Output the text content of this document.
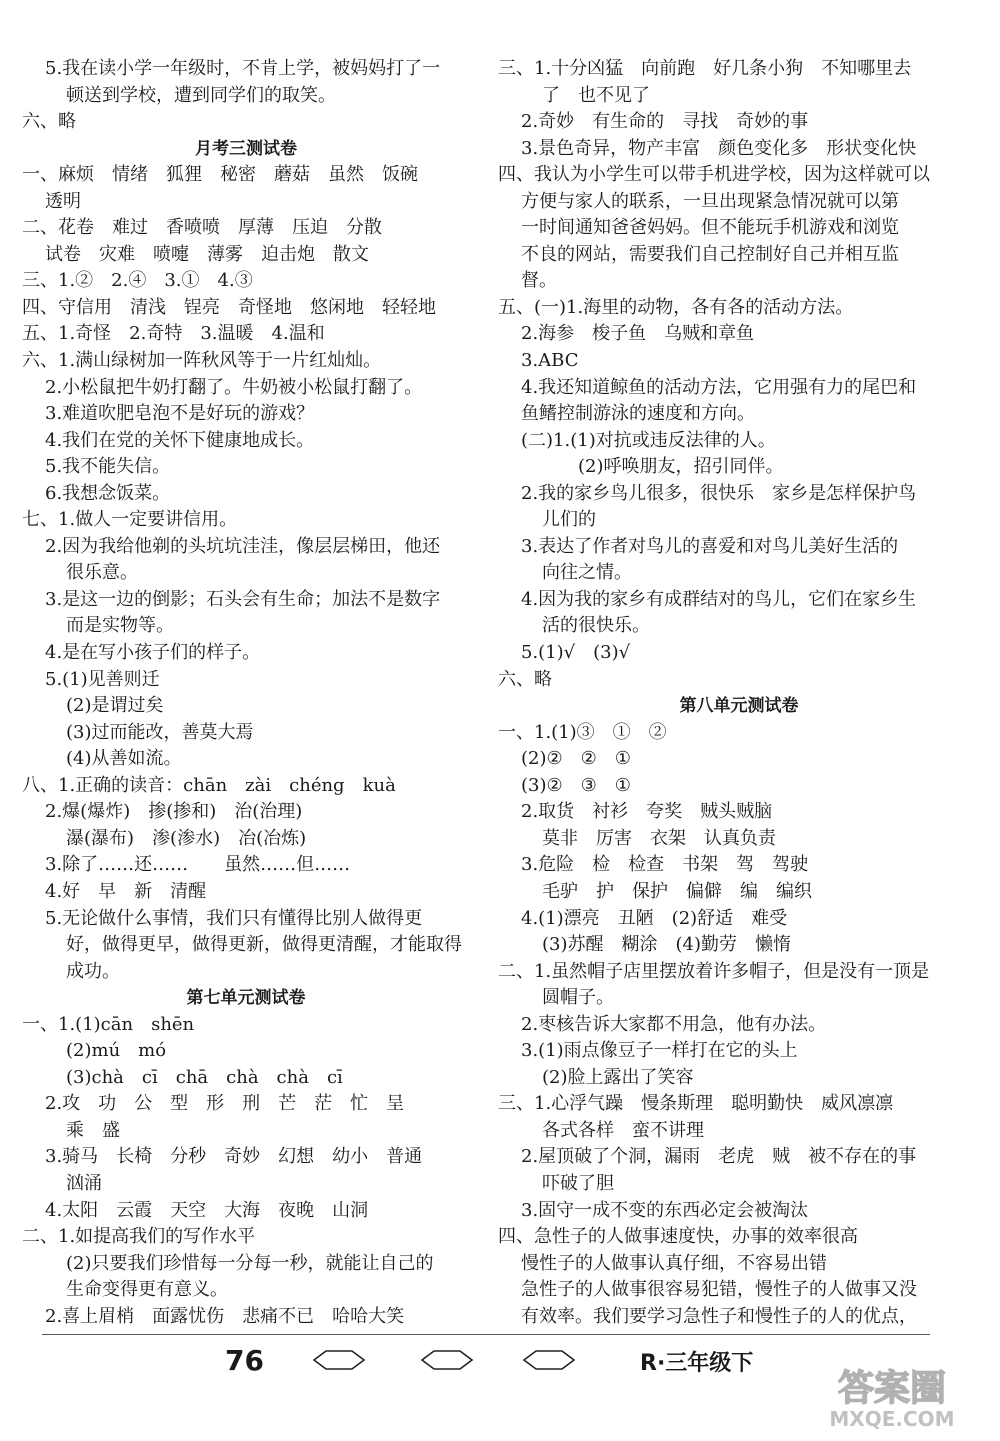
5.我在读小学一年级时，不肯上学，被妈妈打了一
顿送到学校，遭到同学们的取笑。
六、略
月考三测试卷
一、麻烦　情绪　狐狸　秘密　蘑菇　虽然　饭碗
透明
二、花卷　难过　香喷喷　厚薄　压迫　分散
试卷　灾难　喷嚏　薄雾　迫击炮　散文
三、1.②　2.④　3.①　4.③
四、守信用　清浅　锃亮　奇怪地　悠闲地　轻轻地
五、1.奇怪　2.奇特　3.温暖　4.温和
六、1.满山绿树加一阵秋风等于一片红灿灿。
2.小松鼠把牛奶打翻了。牛奶被小松鼠打翻了。
3.难道吹肥皂泡不是好玩的游戏？
4.我们在党的关怀下健康地成长。
5.我不能失信。
6.我想念饭菜。
七、1.做人一定要讲信用。
2.因为我给他剃的头坑坑洼洼，像层层梯田，他还
很乐意。
3.是这一边的倒影；石头会有生命；加法不是数字
而是实物等。
4.是在写小孩子们的样子。
5.(1)见善则迁
(2)是谓过矣
(3)过而能改，善莫大焉
(4)从善如流。
八、1.正确的读音：chān　zài　chéng　kuà
2.爆(爆炸)　掺(掺和)　治(治理)
瀑(瀑布)　渗(渗水)　冶(冶炼)
3.除了……还……　　虽然……但……
4.好　早　新　清醒
5.无论做什么事情，我们只有懂得比别人做得更
好，做得更早，做得更新，做得更清醒，才能取得
成功。
第七单元测试卷
一、1.(1)cān　shēn
(2)mú　mó
(3)chà　cī　chā　chà　chà　cī
2.攻　功　公　型　形　刑　芒　茫　忙　呈
乘　盛
3.骑马　长椅　分秒　奇妙　幻想　幼小　普通
汹涌
4.太阳　云霞　天空　大海　夜晚　山洞
二、1.如提高我们的写作水平
(2)只要我们珍惜每一分每一秒，就能让自己的
生命变得更有意义。
2.喜上眉梢　面露忧伤　悲痛不已　哈哈大笑
三、1.十分凶猛　向前跑　好几条小狗　不知哪里去
了　也不见了
2.奇妙　有生命的　寻找　奇妙的事
3.景色奇异，物产丰富　颜色变化多　形状变化快
四、我认为小学生可以带手机进学校，因为这样就可以
方便与家人的联系，一旦出现紧急情况就可以第
一时间通知爸爸妈妈。但不能玩手机游戏和浏览
不良的网站，需要我们自己控制好自己并相互监
督。
五、(一)1.海里的动物，各有各的活动方法。
2.海参　梭子鱼　乌贼和章鱼
3.ABC
4.我还知道鲸鱼的活动方法，它用强有力的尾巴和
鱼鳍控制游泳的速度和方向。
(二)1.(1)对抗或违反法律的人。
(2)呼唤朋友，招引同伴。
2.我的家乡鸟儿很多，很快乐　家乡是怎样保护鸟
儿们的
3.表达了作者对鸟儿的喜爱和对鸟儿美好生活的
向往之情。
4.因为我的家乡有成群结对的鸟儿，它们在家乡生
活的很快乐。
5.(1)√　(3)√
六、略
第八单元测试卷
一、1.(1)③　①　②
(2)②　②　①
(3)②　③　①
2.取货　衬衫　夸奖　贼头贼脑
莫非　厉害　衣架　认真负责
3.危险　检　检查　书架　驾　驾驶
毛驴　护　保护　偏僻　编　编织
4.(1)漂亮　丑陋　(2)舒适　难受
(3)苏醒　糊涂　(4)勤劳　懒惰
二、1.虽然帽子店里摆放着许多帽子，但是没有一顶是
圆帽子。
2.枣核告诉大家都不用急，他有办法。
3.(1)雨点像豆子一样打在它的头上
(2)脸上露出了笑容
三、1.心浮气躁　慢条斯理　聪明勤快　威风凛凛
各式各样　蛮不讲理
2.屋顶破了个洞，漏雨　老虎　贼　被不存在的事
吓破了胆
3.固守一成不变的东西必定会被淘汰
四、急性子的人做事速度快，办事的效率很高
慢性子的人做事认真仔细，不容易出错
急性子的人做事很容易犯错，慢性子的人做事又没
有效率。我们要学习急性子和慢性子的人的优点，
76	R·三年级下
答案圈
MXQE.COM
